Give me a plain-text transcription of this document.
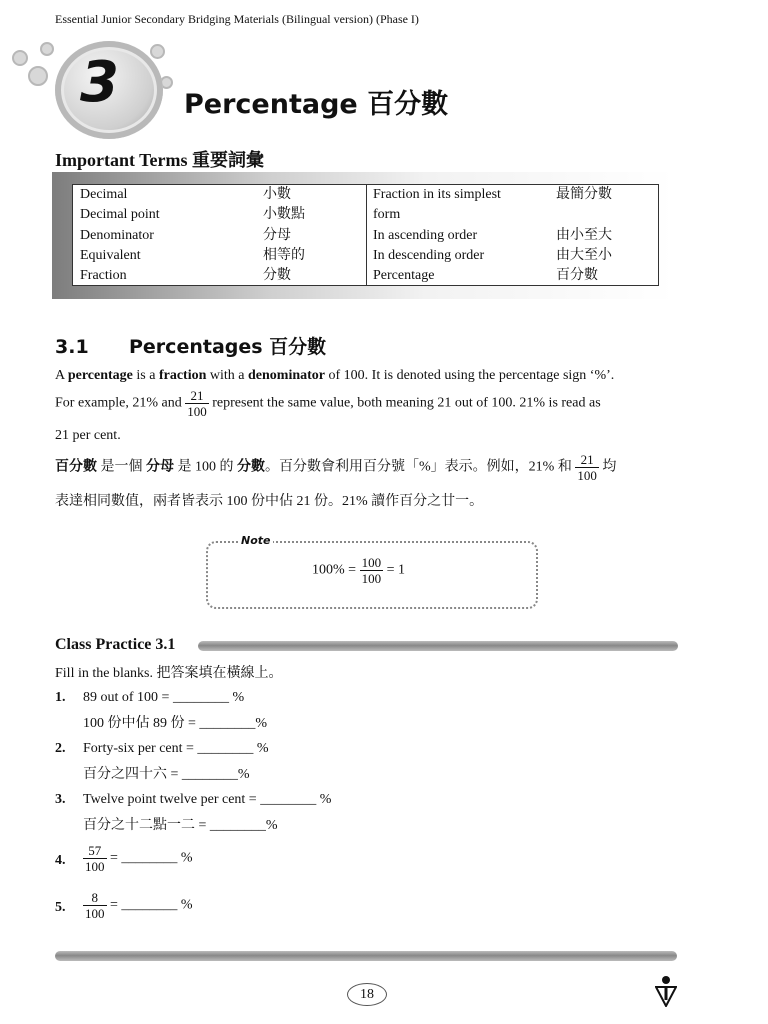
Essential Junior Secondary Bridging Materials (Bilingual version) (Phase I)
3 Percentage 百分數
Important Terms 重要詞彙
Decimal
Decimal point
Denominator
Equivalent
Fraction
小數
小數點
分母
相等的
分數
Fraction in its simplest
form
In ascending order
In descending order
Percentage
最簡分數
由小至大
由大至小
百分數
3.1 Percentages 百分數
A percentage is a fraction with a denominator of 100. It is denoted using the percentage sign ‘%’.
For example, 21% and $\frac{21}{100}$ represent the same value, both meaning 21 out of 100. 21% is read as
21 per cent.
百分數 是一個 分母 是 100 的 分數。百分數會利用百分號「%」表示。例如，21% 和 $\frac{21}{100}$ 均
表達相同數值，兩者皆表示 100 份中佔 21 份。21% 讀作百分之廿一。
Note
$100\% = \frac{100}{100} = 1$
Class Practice 3.1
Fill in the blanks. 把答案填在橫線上。
1. 89 out of 100 = ________ %
100 份中佔 89 份 = ________%
2. Forty-six per cent = ________ %
百分之四十六 = ________%
3. Twelve point twelve per cent = ________ %
百分之十二點一二 = ________%
4. $\frac{57}{100}$ = ________ %
5. $\frac{8}{100}$ = ________ %
18
